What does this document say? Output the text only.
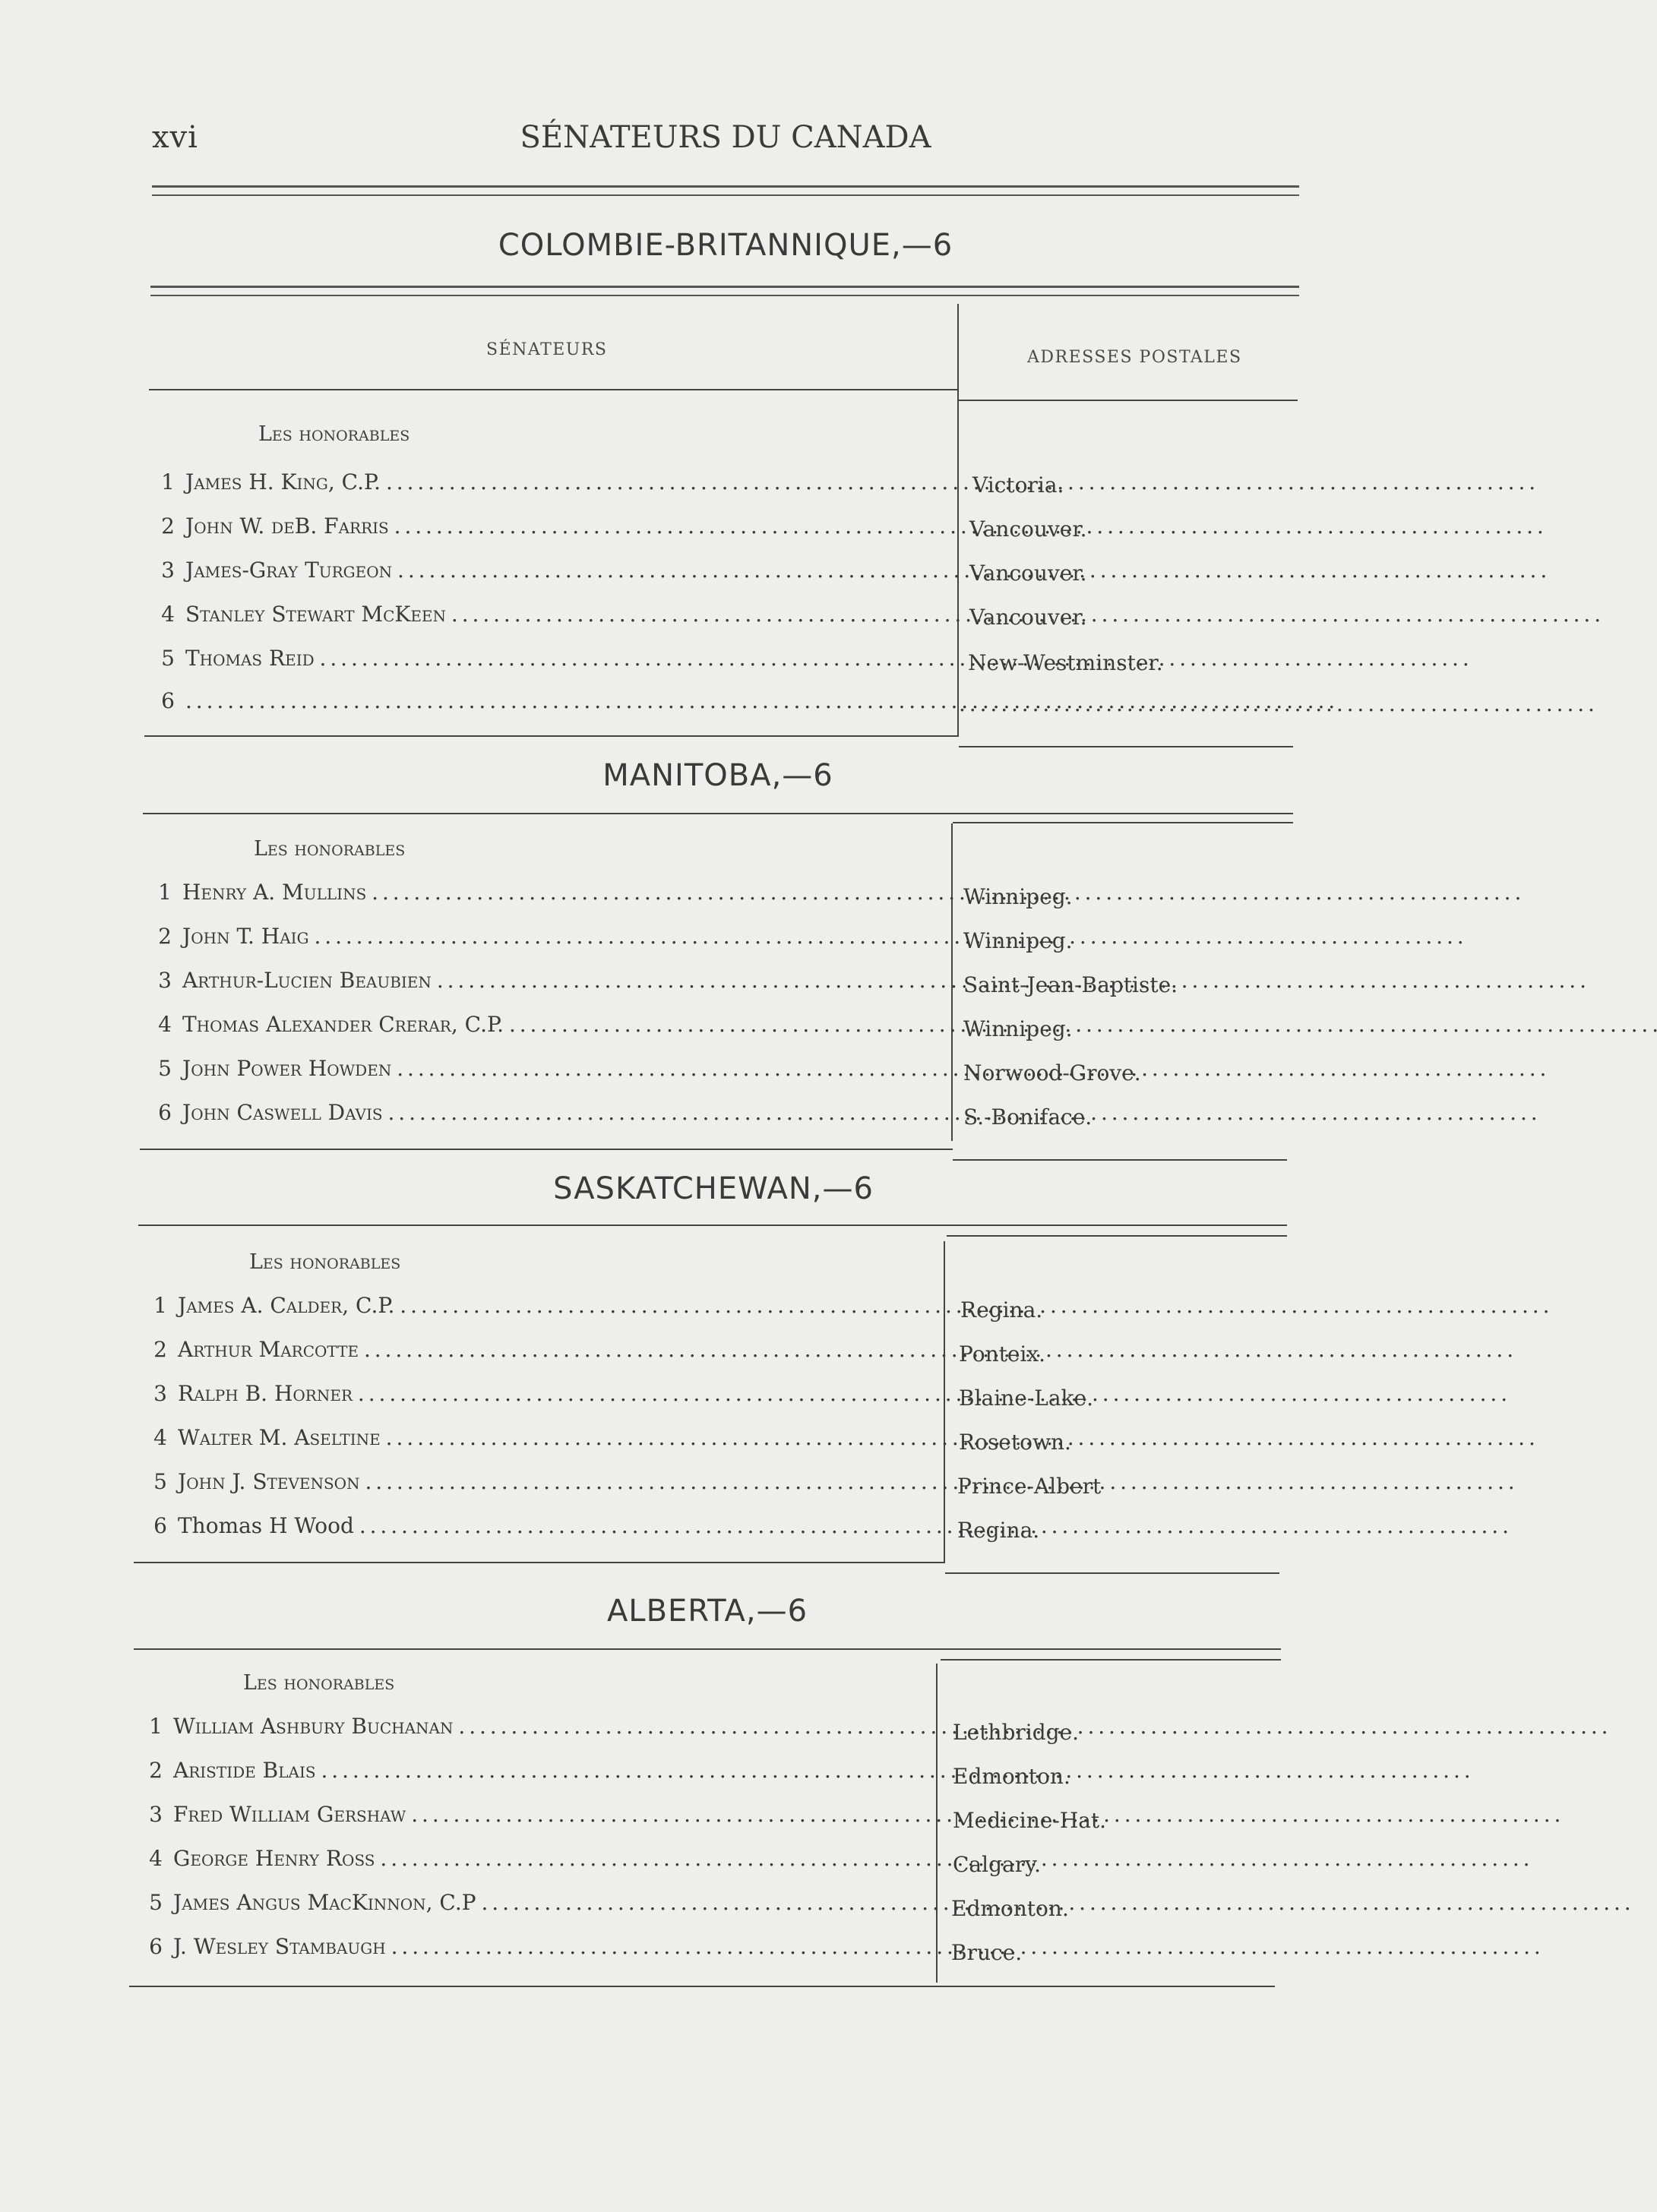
xvi	SÉNATEURS DU CANADA
COLOMBIE-BRITANNIQUE,—6
SÉNATEURS	ADRESSES POSTALES
Les honorables
1 James H. King, C.P. . . .	Victoria.
2 John W. deB. Farris . . .	Vancouver.
3 James-Gray Turgeon . . .	Vancouver.
4 Stanley Stewart McKeen . . .	Vancouver.
5 Thomas Reid . . .	New-Westminster.
6
. . .	. . . . . . . . . . . . . . . . . . . . . . . . . . . . . . . . . . . . . . . . . . . . . . . . . . . . . . . . . . . . .
MANITOBA,—6
Les honorables
1 Henry A. Mullins . . .	Winnipeg.
2 John T. Haig . . .	Winnipeg.
3 Arthur-Lucien Beaubien . . .	Saint-Jean-Baptiste.
4 Thomas Alexander Crerar, C.P. . . .	Winnipeg.
5 John Power Howden . . .	Norwood-Grove.
6 John Caswell Davis . . .	S.-Boniface.
SASKATCHEWAN,—6
Les honorables
1 James A. Calder, C.P. . . .	Regina.
2 Arthur Marcotte . . .	Ponteix.
3 Ralph B. Horner . . .	Blaine-Lake.
4 Walter M. Aseltine . . .	Rosetown.
5 John J. Stevenson . . .	Prince-Albert
6 Thomas H Wood . . .	Regina.
ALBERTA,—6
Les honorables
1 William Ashbury Buchanan . . .	Lethbridge.
2 Aristide Blais . . .	Edmonton.
3 Fred William Gershaw . . .	Medicine-Hat.
4 George Henry Ross . . .	Calgary.
5 James Angus MacKinnon, C.P . . .	Edmonton.
6 J. Wesley Stambaugh . . .	Bruce.
